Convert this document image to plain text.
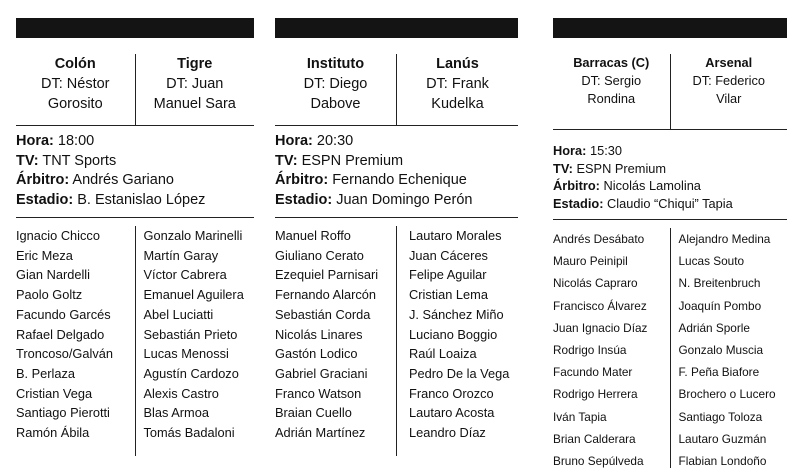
Colón
DT: Néstor
Gorosito
Tigre
DT: Juan
Manuel Sara
Hora: 18:00
TV: TNT Sports
Árbitro: Andrés Gariano
Estadio: B. Estanislao López
Ignacio Chicco
Eric Meza
Gian Nardelli
Paolo Goltz
Facundo Garcés
Rafael Delgado
Troncoso/Galván
B. Perlaza
Cristian Vega
Santiago Pierotti
Ramón Ábila
Gonzalo Marinelli
Martín Garay
Víctor Cabrera
Emanuel Aguilera
Abel Luciatti
Sebastián Prieto
Lucas Menossi
Agustín Cardozo
Alexis Castro
Blas Armoa
Tomás Badaloni
Instituto
DT: Diego
Dabove
Lanús
DT: Frank
Kudelka
Hora: 20:30
TV: ESPN Premium
Árbitro: Fernando Echenique
Estadio: Juan Domingo Perón
Manuel Roffo
Giuliano Cerato
Ezequiel Parnisari
Fernando Alarcón
Sebastián Corda
Nicolás Linares
Gastón Lodico
Gabriel Graciani
Franco Watson
Braian Cuello
Adrián Martínez
Lautaro Morales
Juan Cáceres
Felipe Aguilar
Cristian Lema
J. Sánchez Miño
Luciano Boggio
Raúl Loaiza
Pedro De la Vega
Franco Orozco
Lautaro Acosta
Leandro Díaz
Barracas (C)
DT: Sergio
Rondina
Arsenal
DT: Federico
Vilar
Hora: 15:30
TV: ESPN Premium
Árbitro: Nicolás Lamolina
Estadio: Claudio “Chiqui” Tapia
Andrés Desábato
Mauro Peinipil
Nicolás Capraro
Francisco Álvarez
Juan Ignacio Díaz
Rodrigo Insúa
Facundo Mater
Rodrigo Herrera
Iván Tapia
Brian Calderara
Bruno Sepúlveda
Alejandro Medina
Lucas Souto
N. Breitenbruch
Joaquín Pombo
Adrián Sporle
Gonzalo Muscia
F. Peña Biafore
Brochero o Lucero
Santiago Toloza
Lautaro Guzmán
Flabian Londoño
